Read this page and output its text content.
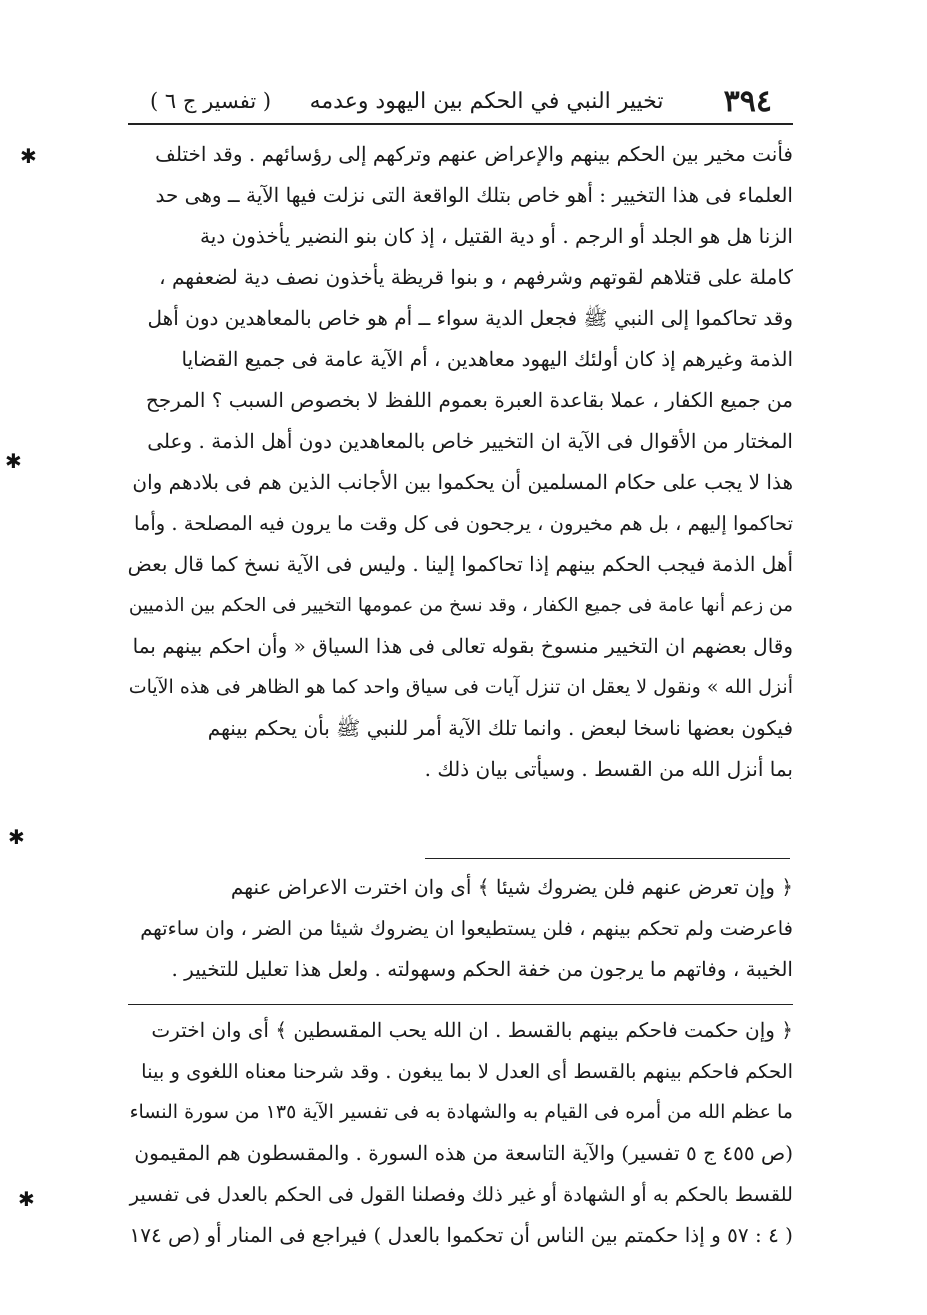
٣٩٤
تخيير النبي في الحكم بين اليهود وعدمه
( تفسير ج ٦ )

فأنت مخير بين الحكم بينهم والإعراض عنهم وتركهم إلى رؤسائهم . وقد اختلف

العلماء فى هذا التخيير : أهو خاص بتلك الواقعة التى نزلت فيها الآية ــ وهى حد

الزنا هل هو الجلد أو الرجم . أو دية القتيل ، إذ كان بنو النضير يأخذون دية

كاملة على قتلاهم لقوتهم وشرفهم ، و بنوا قريظة يأخذون نصف دية لضعفهم ،

وقد تحاكموا إلى النبي ﷺ فجعل الدية سواء ــ أم هو خاص بالمعاهدين دون أهل

الذمة وغيرهم إذ كان أولئك اليهود معاهدين ، أم الآية عامة فى جميع القضايا

من جميع الكفار ، عملا بقاعدة العبرة بعموم اللفظ لا بخصوص السبب ؟ المرجح

المختار من الأقوال فى الآية ان التخيير خاص بالمعاهدين دون أهل الذمة . وعلى

هذا لا يجب على حكام المسلمين أن يحكموا بين الأجانب الذين هم فى بلادهم وان

تحاكموا إليهم ، بل هم مخيرون ، يرجحون فى كل وقت ما يرون فيه المصلحة . وأما

أهل الذمة فيجب الحكم بينهم إذا تحاكموا إلينا . وليس فى الآية نسخ كما قال بعض

من زعم أنها عامة فى جميع الكفار ، وقد نسخ من عمومها التخيير فى الحكم بين الذميين

وقال بعضهم ان التخيير منسوخ بقوله تعالى فى هذا السياق « وأن احكم بينهم بما

أنزل الله » ونقول لا يعقل ان تنزل آيات فى سياق واحد كما هو الظاهر فى هذه الآيات

فيكون بعضها ناسخا لبعض . وانما تلك الآية أمر للنبي ﷺ بأن يحكم بينهم

بما أنزل الله من القسط . وسيأتى بيان ذلك .

﴿ وإن تعرض عنهم فلن يضروك شيئا ﴾ أى وان اخترت الاعراض عنهم

فاعرضت ولم تحكم بينهم ، فلن يستطيعوا ان يضروك شيئا من الضر ، وان ساءتهم

الخيبة ، وفاتهم ما يرجون من خفة الحكم وسهولته . ولعل هذا تعليل للتخيير .

﴿ وإن حكمت فاحكم بينهم بالقسط . ان الله يحب المقسطين ﴾ أى وان اخترت

الحكم فاحكم بينهم بالقسط أى العدل لا بما يبغون . وقد شرحنا معناه اللغوى و بينا

ما عظم الله من أمره فى القيام به والشهادة به فى تفسير الآية ١٣٥ من سورة النساء

(ص ٤٥٥ ج ٥ تفسير) والآية التاسعة من هذه السورة . والمقسطون هم المقيمون

للقسط بالحكم به أو الشهادة أو غير ذلك وفصلنا القول فى الحكم بالعدل فى تفسير

( ٤ : ٥٧ و إذا حكمتم بين الناس أن تحكموا بالعدل ) فيراجع فى المنار أو (ص ١٧٤

✱
✱
✱
✱
